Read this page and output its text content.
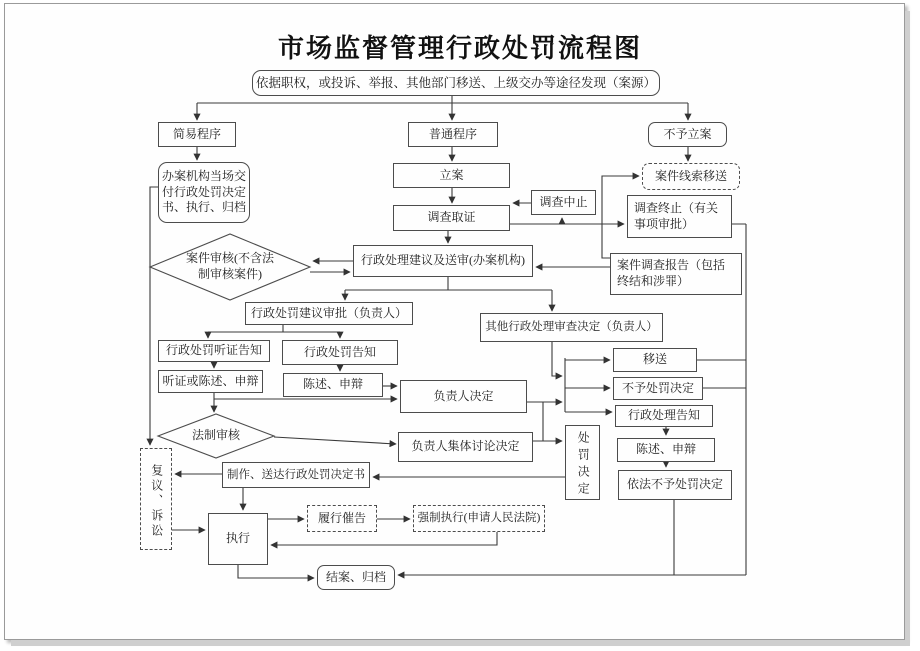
市场监督管理行政处罚流程图
依据职权，或投诉、举报、其他部门移送、上级交办等途径发现（案源）
简易程序	普通程序	不予立案
办案机构当场交付行政处罚决定书、执行、归档
立案
调查取证
调查中止
案件线索移送
调查终止（有关事项审批）
案件调查报告（包括终结和涉罪）
行政处理建议及送审(办案机构)
行政处罚建议审批（负责人）
其他行政处理审查决定（负责人）
行政处罚听证告知	行政处罚告知
听证或陈述、申辩	陈述、申辩
负责人决定
移送
不予处罚决定
行政处理告知
陈述、申辩
依法不予处罚决定
处罚决定
负责人集体讨论决定
复议、诉讼	制作、送达行政处罚决定书
执行
履行催告	强制执行(申请人民法院)
结案、归档
案件审核(不含法制审核案件)
法制审核
